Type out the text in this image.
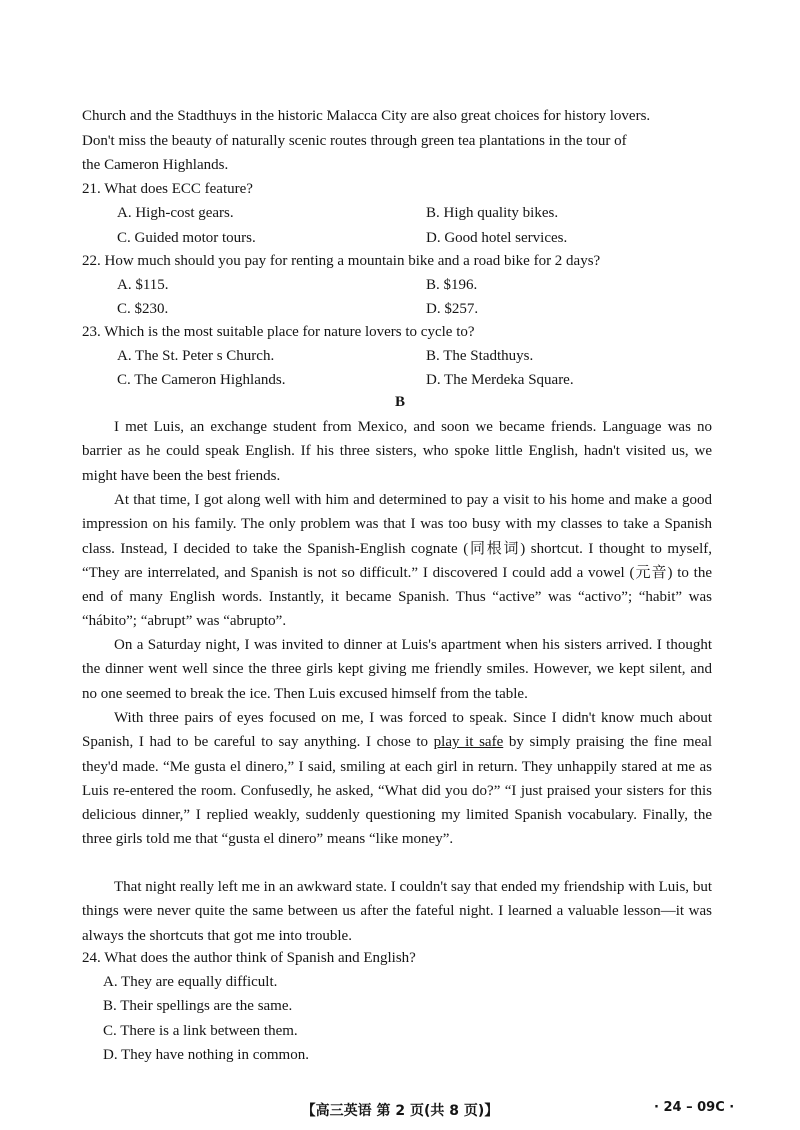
Church and the Stadthuys in the historic Malacca City are also great choices for history lovers.
Don't miss the beauty of naturally scenic routes through green tea plantations in the tour of
the Cameron Highlands.
21. What does ECC feature?
A. High-cost gears.	B. High quality bikes.
C. Guided motor tours.	D. Good hotel services.
22. How much should you pay for renting a mountain bike and a road bike for 2 days?
A. $115.	B. $196.
C. $230.	D. $257.
23. Which is the most suitable place for nature lovers to cycle to?
A. The St. Peter s Church.	B. The Stadthuys.
C. The Cameron Highlands.	D. The Merdeka Square.
B

I met Luis, an exchange student from Mexico, and soon we became friends. Language was no barrier as he could speak English. If his three sisters, who spoke little English, hadn't visited us, we might have been the best friends.

At that time, I got along well with him and determined to pay a visit to his home and make a good impression on his family. The only problem was that I was too busy with my classes to take a Spanish class. Instead, I decided to take the Spanish-English cognate (同根词) shortcut. I thought to myself, “They are interrelated, and Spanish is not so difficult.” I discovered I could add a vowel (元音) to the end of many English words. Instantly, it became Spanish. Thus “active” was “activo”; “habit” was “hábito”; “abrupt” was “abrupto”.

On a Saturday night, I was invited to dinner at Luis's apartment when his sisters arrived. I thought the dinner went well since the three girls kept giving me friendly smiles. However, we kept silent, and no one seemed to break the ice. Then Luis excused himself from the table.

With three pairs of eyes focused on me, I was forced to speak. Since I didn't know much about Spanish, I had to be careful to say anything. I chose to play it safe by simply praising the fine meal they'd made. “Me gusta el dinero,” I said, smiling at each girl in return. They unhappily stared at me as Luis re-entered the room. Confusedly, he asked, “What did you do?” “I just praised your sisters for this delicious dinner,” I replied weakly, suddenly questioning my limited Spanish vocabulary. Finally, the three girls told me that “gusta el dinero” means “like money”.

That night really left me in an awkward state. I couldn't say that ended my friendship with Luis, but things were never quite the same between us after the fateful night. I learned a valuable lesson—it was always the shortcuts that got me into trouble.

24. What does the author think of Spanish and English?
A. They are equally difficult.
B. Their spellings are the same.
C. There is a link between them.
D. They have nothing in common.
【高三英语 第 2 页(共 8 页)】	· 24 – 09C ·
